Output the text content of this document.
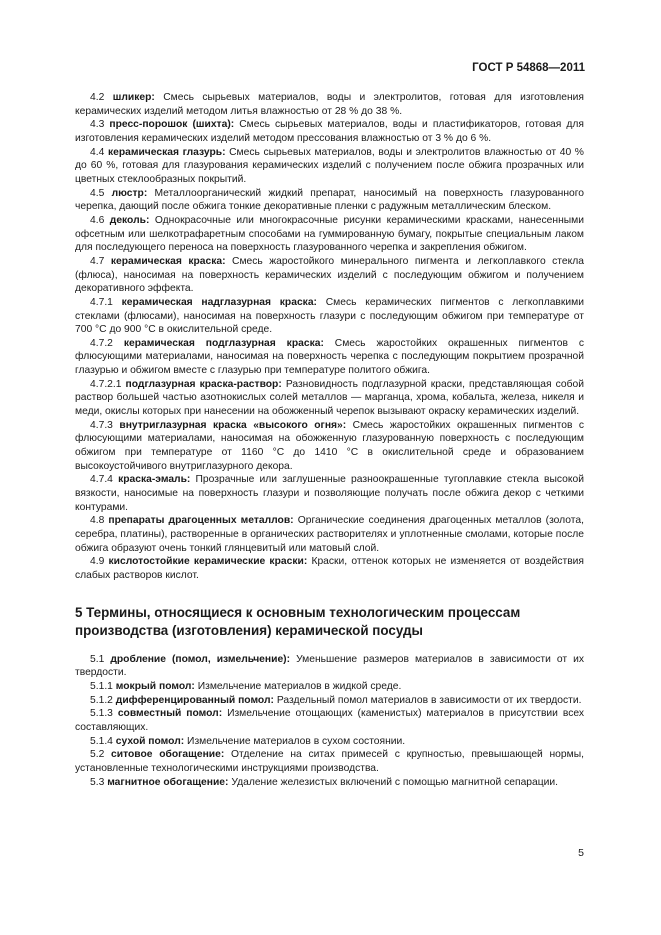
ГОСТ Р 54868—2011

4.2 шликер: Смесь сырьевых материалов, воды и электролитов, готовая для изготовления керамических изделий методом литья влажностью от 28 % до 38 %.

4.3 пресс-порошок (шихта): Смесь сырьевых материалов, воды и пластификаторов, готовая для изготовления керамических изделий методом прессования влажностью от 3 % до 6 %.

4.4 керамическая глазурь: Смесь сырьевых материалов, воды и электролитов влажностью от 40 % до 60 %, готовая для глазурования керамических изделий с получением после обжига прозрачных или цветных стеклообразных покрытий.

4.5 люстр: Металлоорганический жидкий препарат, наносимый на поверхность глазурованного черепка, дающий после обжига тонкие декоративные пленки с радужным металлическим блеском.

4.6 деколь: Однокрасочные или многокрасочные рисунки керамическими красками, нанесенными офсетным или шелкотрафаретным способами на гуммированную бумагу, покрытые специальным лаком для последующего переноса на поверхность глазурованного черепка и закрепления обжигом.

4.7 керамическая краска: Смесь жаростойкого минерального пигмента и легкоплавкого стекла (флюса), наносимая на поверхность керамических изделий с последующим обжигом и получением декоративного эффекта.

4.7.1 керамическая надглазурная краска: Смесь керамических пигментов с легкоплавкими стеклами (флюсами), наносимая на поверхность глазури с последующим обжигом при температуре от 700 °С до 900 °С в окислительной среде.

4.7.2 керамическая подглазурная краска: Смесь жаростойких окрашенных пигментов с флюсующими материалами, наносимая на поверхность черепка с последующим покрытием прозрачной глазурью и обжигом вместе с глазурью при температуре политого обжига.

4.7.2.1 подглазурная краска-раствор: Разновидность подглазурной краски, представляющая собой раствор большей частью азотнокислых солей металлов — марганца, хрома, кобальта, железа, никеля и меди, окислы которых при нанесении на обожженный черепок вызывают окраску керамических изделий.

4.7.3 внутриглазурная краска «высокого огня»: Смесь жаростойких окрашенных пигментов с флюсующими материалами, наносимая на обожженную глазурованную поверхность с последующим обжигом при температуре от 1160 °С до 1410 °С в окислительной среде и образованием высокоустойчивого внутриглазурного декора.

4.7.4 краска-эмаль: Прозрачные или заглушенные разноокрашенные тугоплавкие стекла высокой вязкости, наносимые на поверхность глазури и позволяющие получать после обжига декор с четкими контурами.

4.8 препараты драгоценных металлов: Органические соединения драгоценных металлов (золота, серебра, платины), растворенные в органических растворителях и уплотненные смолами, которые после обжига образуют очень тонкий глянцевитый или матовый слой.

4.9 кислотостойкие керамические краски: Краски, оттенок которых не изменяется от воздействия слабых растворов кислот.

5 Термины, относящиеся к основным технологическим процессам производства (изготовления) керамической посуды

5.1 дробление (помол, измельчение): Уменьшение размеров материалов в зависимости от их твердости.

5.1.1 мокрый помол: Измельчение материалов в жидкой среде.

5.1.2 дифференцированный помол: Раздельный помол материалов в зависимости от их твердости.

5.1.3 совместный помол: Измельчение отощающих (каменистых) материалов в присутствии всех составляющих.

5.1.4 сухой помол: Измельчение материалов в сухом состоянии.

5.2 ситовое обогащение: Отделение на ситах примесей с крупностью, превышающей нормы, установленные технологическими инструкциями производства.

5.3 магнитное обогащение: Удаление железистых включений с помощью магнитной сепарации.

5
